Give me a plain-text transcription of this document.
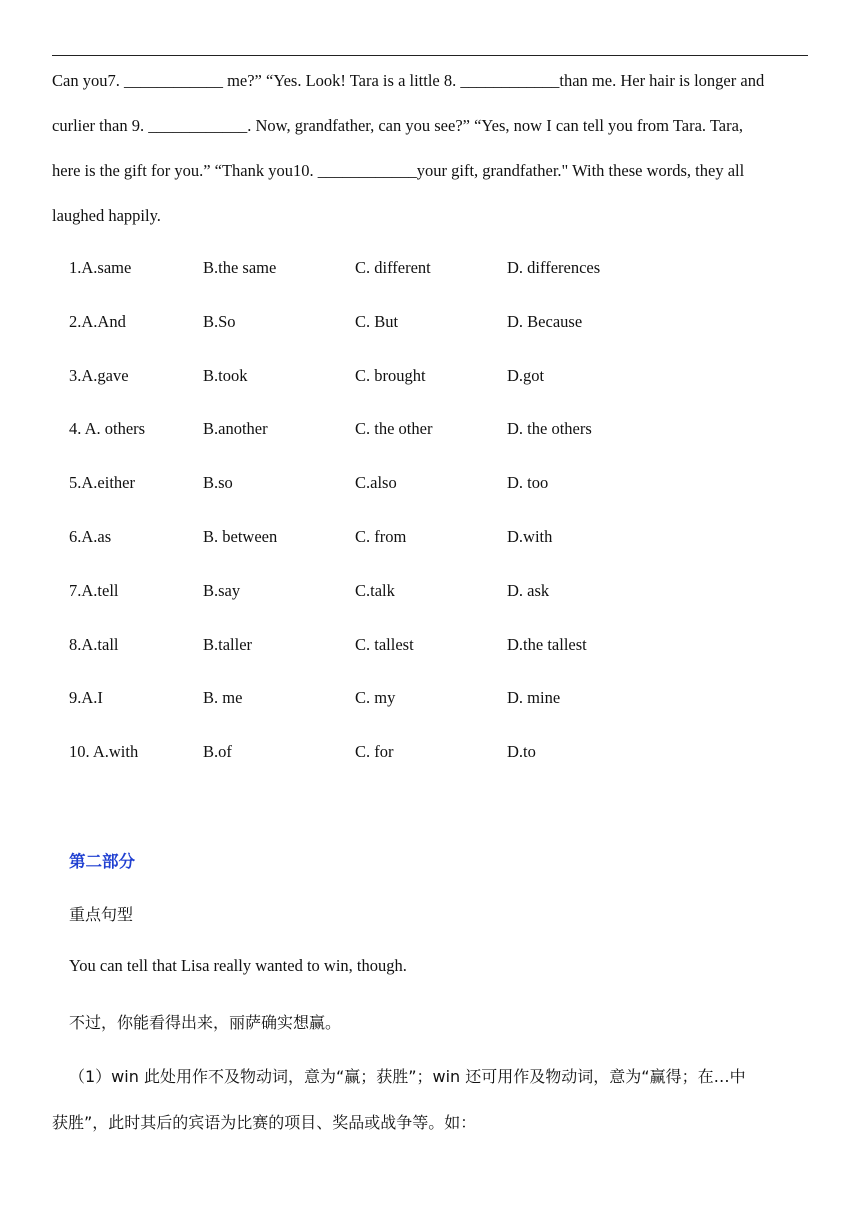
Can you7. ____________ me?” “Yes. Look! Tara is a little 8. ____________than me. Her hair is longer and
curlier than 9. ____________. Now, grandfather, can you see?” “Yes, now I can tell you from Tara. Tara,
here is the gift for you.” “Thank you10. ____________your gift, grandfather." With these words, they all
laughed happily.
1.A.same	B.the same	C. different	D. differences
2.A.And	B.So	C. But	D. Because
3.A.gave	B.took	C. brought	D.got
4. A. others	B.another	C. the other	D. the others
5.A.either	B.so	C.also	D. too
6.A.as	B. between	C. from	D.with
7.A.tell	B.say	C.talk	D. ask
8.A.tall	B.taller	C. tallest	D.the tallest
9.A.I	B. me	C. my	D. mine
10. A.with	B.of	C. for	D.to
第二部分
重点句型
You can tell that Lisa really wanted to win, though.
不过，你能看得出来，丽萨确实想赢。
（1）win 此处用作不及物动词，意为“赢；获胜”；win 还可用作及物动词，意为“赢得；在…中
获胜”，此时其后的宾语为比赛的项目、奖品或战争等。如：
